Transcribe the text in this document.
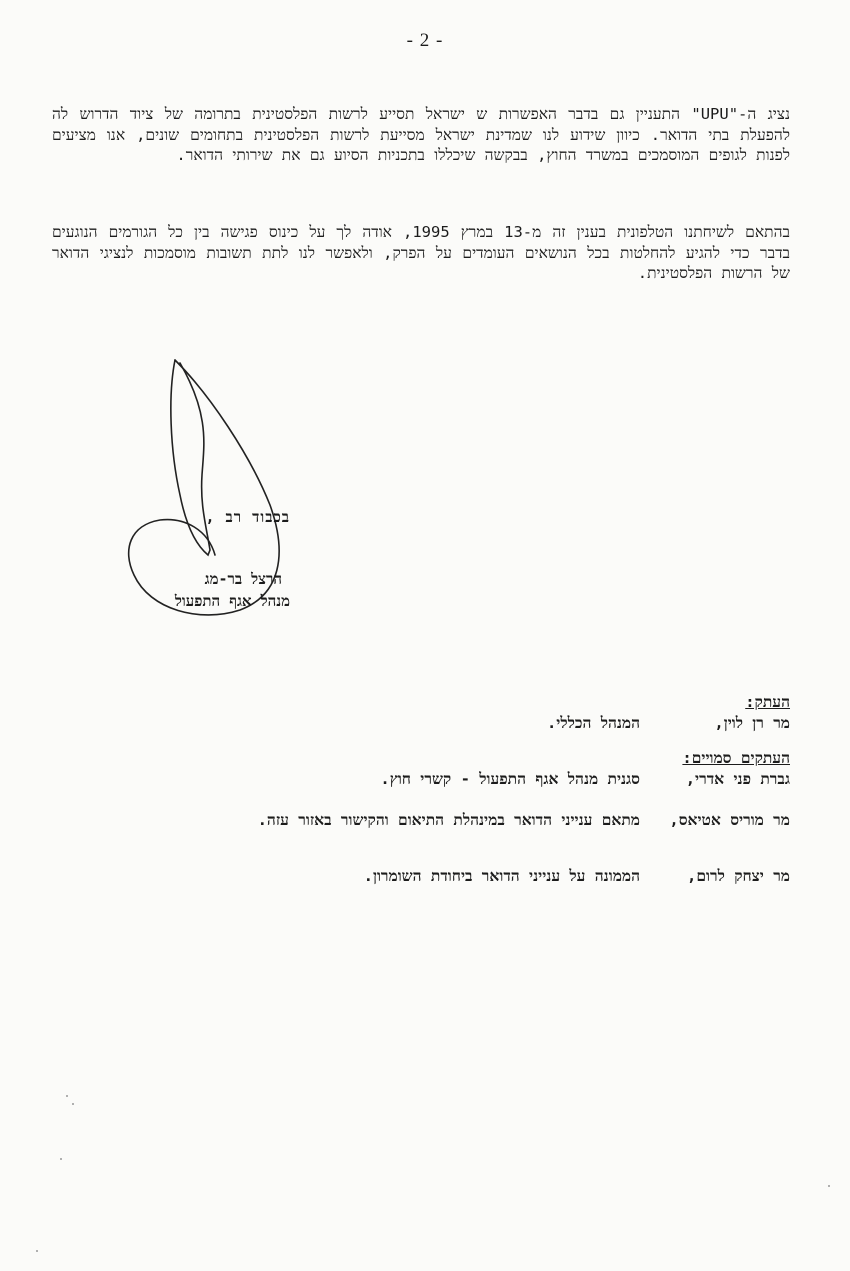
- 2 -
נציג ה-"UPU" התעניין גם בדבר האפשרות ש ישראל תסייע לרשות הפלסטינית בתרומה של ציוד הדרוש לה להפעלת בתי הדואר. כיוון שידוע לנו שמדינת ישראל מסייעת לרשות הפלסטינית בתחומים שונים, אנו מציעים לפנות לגופים המוסמכים במשרד החוץ, בבקשה שיכללו בתכניות הסיוע גם את שירותי הדואר.
בהתאם לשיחתנו הטלפונית בענין זה מ-13 במרץ 1995, אודה לך על כינוס פגישה בין כל הגורמים הנוגעים בדבר כדי להגיע להחלטות בכל הנושאים העומדים על הפרק, ולאפשר לנו לתת תשובות מוסמכות לנציגי הדואר של הרשות הפלסטינית.
בכבוד רב ,
הרצל בר-מג
מנהל אגף התפעול
העתק:
מר רן לוין,
המנהל הכללי.
העתקים סמויים:
גברת פני אדרי,
סגנית מנהל אגף התפעול - קשרי חוץ.
מר מוריס אטיאס,
מתאם ענייני הדואר במינהלת התיאום והקישור באזור עזה.
מר יצחק לרום,
הממונה על ענייני הדואר ביחודת השומרון.
